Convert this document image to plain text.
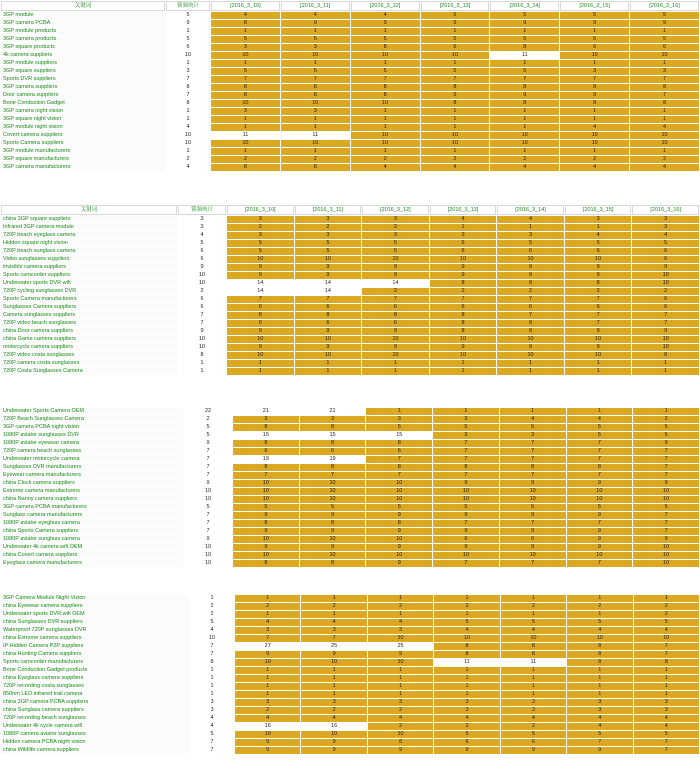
关键词	锁频统计	[2016_3_10]	[2016_3_11]	[2016_3_12]	[2016_3_13]	[2016_3_14]	[2016_3_15]	[2016_3_16]
3GP module	5	4	4	4	5	5	5	5
3GP camera PCBA	9	8	9	9	9	9	9	9
3GP module products	1	1	1	1	1	1	1	1
3GP camera products	5	5	5	5	5	5	5	5
3GP square products	6	3	3	8	6	8	6	6
4k camera suppliers	10	10	10	10	10	11	10	10
3GP module suppliers	1	1	1	1	1	1	1	1
3GP square suppliers	3	5	5	5	5	5	3	3
Sports DVR suppliers	7	7	7	7	7	7	7	7
3GP camera suppliers	8	8	8	8	8	8	8	8
Door camera suppliers	7	8	8	8	9	9	9	7
Bone Conduction Gadget	8	10	10	10	8	8	8	8
3GP camera night vision	1	3	3	1	1	1	1	1
3GP square night vision	1	1	1	1	1	1	1	1
3GP module night vision	4	1	1	1	1	1	4	4
Covert camera suppliers	10	11	11	10	10	10	10	10
Sports Camera suppliers	10	10	10	10	10	10	10	10
3GP module manufacturers	1	1	1	1	1	1	1	1
3GP square manufacturers	2	2	2	2	2	2	2	2
3GP camera manufacturers	4	8	8	4	4	4	4	4
关键词	锁频统计	[2016_3_10]	[2016_3_11]	[2016_3_12]	[2016_3_13]	[2016_3_14]	[2016_3_15]	[2016_3_16]
china 3GP square suppliers	3	3	3	3	4	4	3	3
Infrared 3GP camera module	3	2	2	2	1	1	1	3
720P beach eyeglass camera	4	3	3	3	3	3	4	4
Hidden square night vision	5	5	5	5	5	5	5	5
720P beach sunglass camera	6	5	5	5	6	6	6	6
Video sunglasses suppliers	6	10	10	10	10	10	10	6
invisible camera suppliers	9	9	9	9	9	9	9	9
Sports camcorder suppliers	10	9	9	9	9	9	9	10
Underwater sports DVR wifi	10	14	14	14	8	8	8	10
720P cycling sunglasses DVR	2	14	14	2	2	2	2	2
Sports Camera manufacturers	6	7	7	7	7	7	7	6
Sunglasses Camera suppliers	6	6	6	6	6	6	6	6
Camera sunglasses suppliers	7	8	8	8	8	7	7	7
720P video beach sunglasses	7	6	6	6	8	8	7	7
china Door camera suppliers	9	9	9	9	8	8	9	9
china Game camera suppliers	10	10	10	10	10	10	10	10
motorcycle camera suppliers	10	9	9	9	9	9	9	10
720P video costa sunglasses	8	10	10	10	10	10	10	8
720P camera costa sunglasses	1	1	1	1	1	1	1	1
720P Costa Sunglasses Camera	1	1	1	1	1	1	1	1
Underwater Sports Camera OEM	22	21	21	1	1	1	1	1
720P Beach Sunglasses Camera	2	3	3	3	3	4	4	2
3GP camera PCBA night vision	5	8	8	5	5	5	5	5
1080P aviator sunglasses DVR	5	15	15	15	3	3	5	5
1080P aviator eyewear camera	9	8	8	8	7	7	7	9
720P camera beach sunglasses	7	6	6	6	7	7	7	7
Underwater motorcycle camera	7	19	19	7	7	7	7	7
Sunglasses DVR manufacturers	7	8	8	8	8	8	8	7
Eyewear camera manufacturers	7	7	7	7	7	7	7	7
china Clock camera suppliers	9	10	10	10	9	9	9	9
Extreme camera manufacturers	10	10	10	10	10	10	10	10
china Nanny camera suppliers	10	10	10	10	10	10	10	10
3GP camera PCBA manufacturers	5	5	5	5	5	5	5	5
Sunglass camera manufacturers	7	9	9	9	9	9	9	7
1080P aviator eyeglass camera	7	8	8	8	7	7	7	7
china Sports Camera suppliers	7	9	9	9	9	9	9	7
1080P aviator sunglass camera	9	10	10	10	6	6	9	9
Underwater 4k camera wifi OEM	10	9	9	9	9	9	9	10
china Covert camera suppliers	10	10	10	10	10	10	10	10
Eyeglass camera manufacturers	10	8	8	9	7	7	7	10
3GP Camera Module Night Vision	1	1	1	1	1	1	1	1
china Eyewear camera suppliers	2	2	2	2	2	2	2	2
Underwater sports DVR wifi OEM	2	1	1	1	1	1	1	2
china Sunglasses DVR suppliers	5	4	4	4	5	5	5	5
Waterproof 720P sunglasses DVR	4	3	3	3	4	4	4	4
china Extreme camera suppliers	10	7	7	10	10	10	10	10
IP Hidden Camera P2P suppliers	7	27	25	25	8	8	8	7
china Hunting Camera suppliers	7	9	9	9	8	8	8	7
Sports camcorder manufacturers	8	10	10	10	11	11	8	8
Bone Conduction Gadget products	1	1	1	1	1	1	1	1
china Eyeglass camera suppliers	1	1	1	1	1	1	1	1
720P recording costa sunglasses	1	1	1	1	1	1	1	1
850nm LED infrared trail camera	1	1	1	1	1	1	1	1
china 3GP camera PCBA suppliers	3	3	3	3	3	3	3	3
china Sunglass camera suppliers	3	2	2	2	3	3	3	3
720P recording beach sunglasses	4	4	4	4	4	4	4	4
Underwater 4k cycle camera wifi	4	16	16	2	2	2	4	4
1080P camera aviator sunglasses	5	10	10	10	5	5	5	5
Hidden camera PCBA night vision	7	9	9	8	6	6	7	7
china Wildlife camera suppliers	7	9	9	9	9	9	9	7
